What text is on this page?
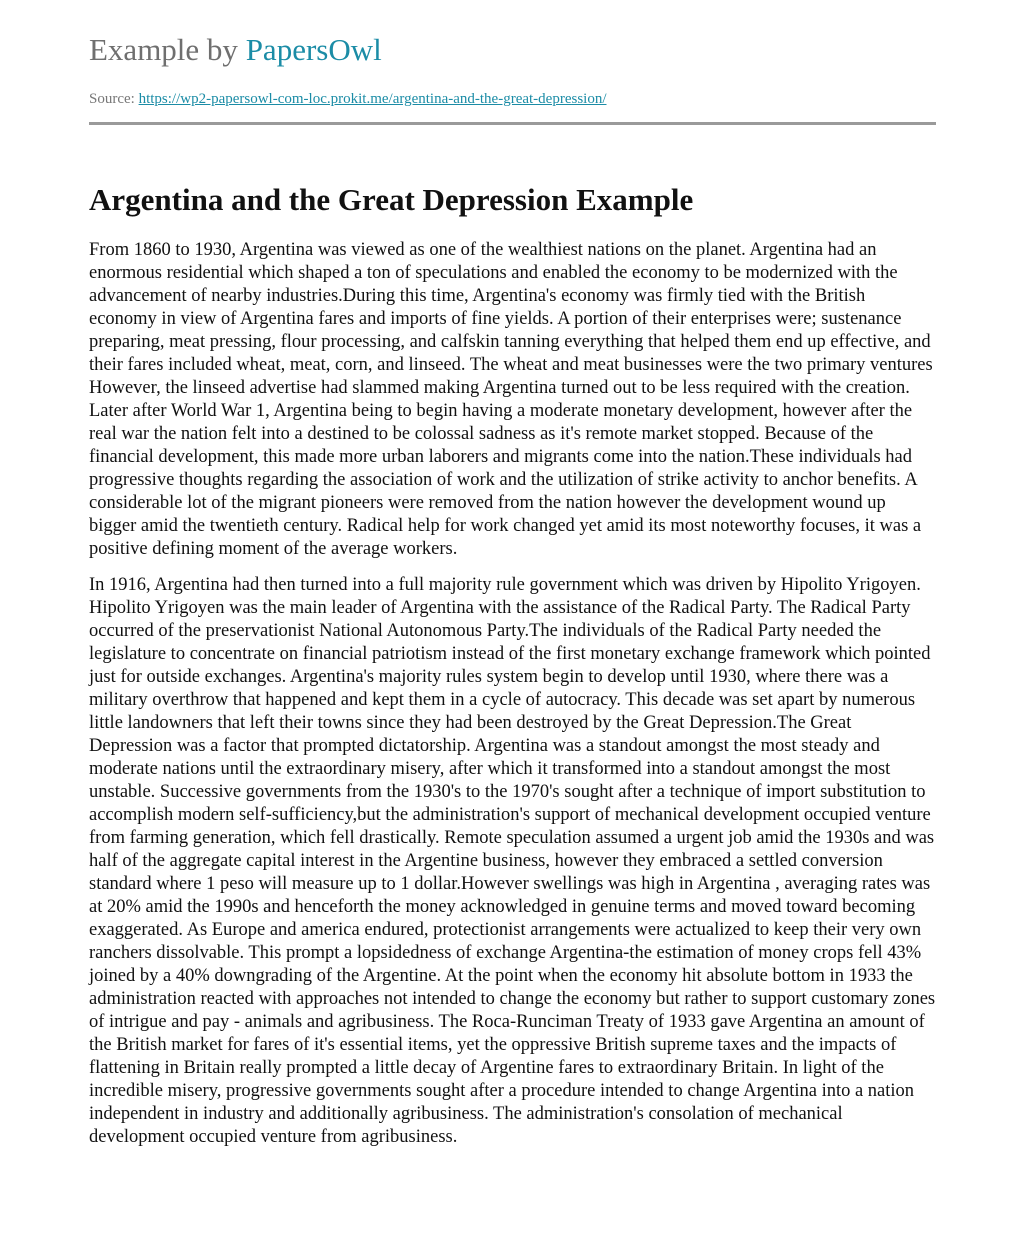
Example by PapersOwl
Source: https://wp2-papersowl-com-loc.prokit.me/argentina-and-the-great-depression/
Argentina and the Great Depression Example

From 1860 to 1930, Argentina was viewed as one of the wealthiest nations on the planet. Argentina had an enormous residential which shaped a ton of speculations and enabled the economy to be modernized with the advancement of nearby industries.During this time, Argentina's economy was firmly tied with the British economy in view of Argentina fares and imports of fine yields. A portion of their enterprises were; sustenance preparing, meat pressing, flour processing, and calfskin tanning everything that helped them end up effective, and their fares included wheat, meat, corn, and linseed. The wheat and meat businesses were the two primary ventures However, the linseed advertise had slammed making Argentina turned out to be less required with the creation. Later after World War 1, Argentina being to begin having a moderate monetary development, however after the real war the nation felt into a destined to be colossal sadness as it's remote market stopped. Because of the financial development, this made more urban laborers and migrants come into the nation.These individuals had progressive thoughts regarding the association of work and the utilization of strike activity to anchor benefits. A considerable lot of the migrant pioneers were removed from the nation however the development wound up bigger amid the twentieth century. Radical help for work changed yet amid its most noteworthy focuses, it was a positive defining moment of the average workers.

In 1916, Argentina had then turned into a full majority rule government which was driven by Hipolito Yrigoyen. Hipolito Yrigoyen was the main leader of Argentina with the assistance of the Radical Party. The Radical Party occurred of the preservationist National Autonomous Party.The individuals of the Radical Party needed the legislature to concentrate on financial patriotism instead of the first monetary exchange framework which pointed just for outside exchanges. Argentina's majority rules system begin to develop until 1930, where there was a military overthrow that happened and kept them in a cycle of autocracy. This decade was set apart by numerous little landowners that left their towns since they had been destroyed by the Great Depression.The Great Depression was a factor that prompted dictatorship. Argentina was a standout amongst the most steady and moderate nations until the extraordinary misery, after which it transformed into a standout amongst the most unstable. Successive governments from the 1930's to the 1970's sought after a technique of import substitution to accomplish modern self-sufficiency,but the administration's support of mechanical development occupied venture from farming generation, which fell drastically. Remote speculation assumed a urgent job amid the 1930s and was half of the aggregate capital interest in the Argentine business, however they embraced a settled conversion standard where 1 peso will measure up to 1 dollar.However swellings was high in Argentina , averaging rates was at 20% amid the 1990s and henceforth the money acknowledged in genuine terms and moved toward becoming exaggerated. As Europe and america endured, protectionist arrangements were actualized to keep their very own ranchers dissolvable. This prompt a lopsidedness of exchange Argentina-the estimation of money crops fell 43% joined by a 40% downgrading of the Argentine. At the point when the economy hit absolute bottom in 1933 the administration reacted with approaches not intended to change the economy but rather to support customary zones of intrigue and pay - animals and agribusiness. The Roca-Runciman Treaty of 1933 gave Argentina an amount of the British market for fares of it's essential items, yet the oppressive British supreme taxes and the impacts of flattening in Britain really prompted a little decay of Argentine fares to extraordinary Britain. In light of the incredible misery, progressive governments sought after a procedure intended to change Argentina into a nation independent in industry and additionally agribusiness. The administration's consolation of mechanical development occupied venture from agribusiness.
